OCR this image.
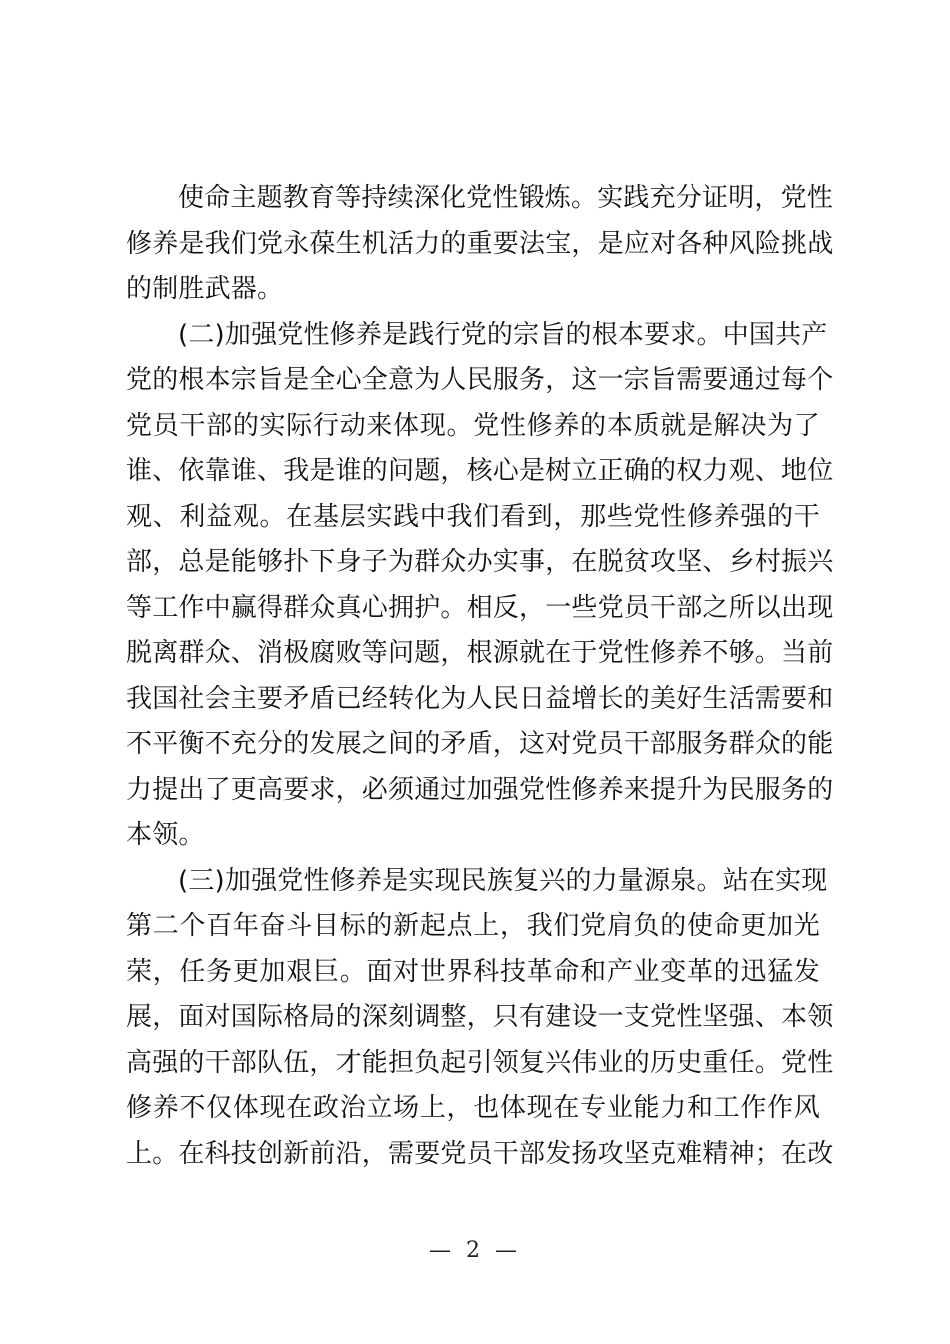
使命主题教育等持续深化党性锻炼。实践充分证明，党性
修养是我们党永葆生机活力的重要法宝，是应对各种风险挑战
的制胜武器。
(二)加强党性修养是践行党的宗旨的根本要求。中国共产
党的根本宗旨是全心全意为人民服务，这一宗旨需要通过每个
党员干部的实际行动来体现。党性修养的本质就是解决为了
谁、依靠谁、我是谁的问题，核心是树立正确的权力观、地位
观、利益观。在基层实践中我们看到，那些党性修养强的干
部，总是能够扑下身子为群众办实事，在脱贫攻坚、乡村振兴
等工作中赢得群众真心拥护。相反，一些党员干部之所以出现
脱离群众、消极腐败等问题，根源就在于党性修养不够。当前
我国社会主要矛盾已经转化为人民日益增长的美好生活需要和
不平衡不充分的发展之间的矛盾，这对党员干部服务群众的能
力提出了更高要求，必须通过加强党性修养来提升为民服务的
本领。
(三)加强党性修养是实现民族复兴的力量源泉。站在实现
第二个百年奋斗目标的新起点上，我们党肩负的使命更加光
荣，任务更加艰巨。面对世界科技革命和产业变革的迅猛发
展，面对国际格局的深刻调整，只有建设一支党性坚强、本领
高强的干部队伍，才能担负起引领复兴伟业的历史重任。党性
修养不仅体现在政治立场上，也体现在专业能力和工作作风
上。在科技创新前沿，需要党员干部发扬攻坚克难精神；在改
— 2 —
